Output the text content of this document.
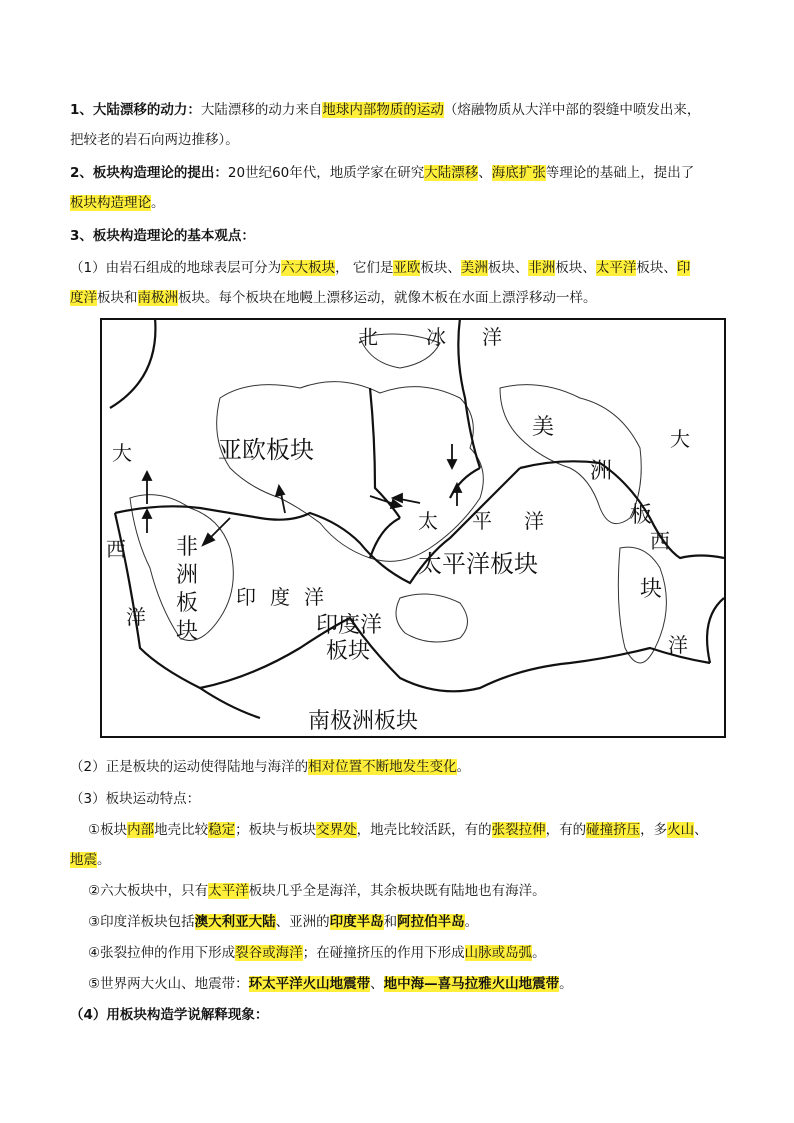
1、大陆漂移的动力：大陆漂移的动力来自地球内部物质的运动（熔融物质从大洋中部的裂缝中喷发出来，
把较老的岩石向两边推移）。
2、板块构造理论的提出：20世纪60年代，地质学家在研究大陆漂移、海底扩张等理论的基础上，提出了
板块构造理论。
3、板块构造理论的基本观点：
（1）由岩石组成的地球表层可分为六大板块， 它们是亚欧板块、美洲板块、非洲板块、太平洋板块、印
度洋板块和南极洲板块。每个板块在地幔上漂移运动，就像木板在水面上漂浮移动一样。
北 冰 洋
亚欧板块
大
西
洋
非
洲
板
块
印 度 洋
印度洋
板块
太 平 洋
太平洋板块
美
洲
板
块
大
西
洋
南极洲板块
（2）正是板块的运动使得陆地与海洋的相对位置不断地发生变化。
（3）板块运动特点：
①板块内部地壳比较稳定；板块与板块交界处，地壳比较活跃，有的张裂拉伸，有的碰撞挤压，多火山、
地震。
②六大板块中，只有太平洋板块几乎全是海洋，其余板块既有陆地也有海洋。
③印度洋板块包括澳大利亚大陆、亚洲的印度半岛和阿拉伯半岛。
④张裂拉伸的作用下形成裂谷或海洋；在碰撞挤压的作用下形成山脉或岛弧。
⑤世界两大火山、地震带：环太平洋火山地震带、地中海—喜马拉雅火山地震带。
（4）用板块构造学说解释现象：
